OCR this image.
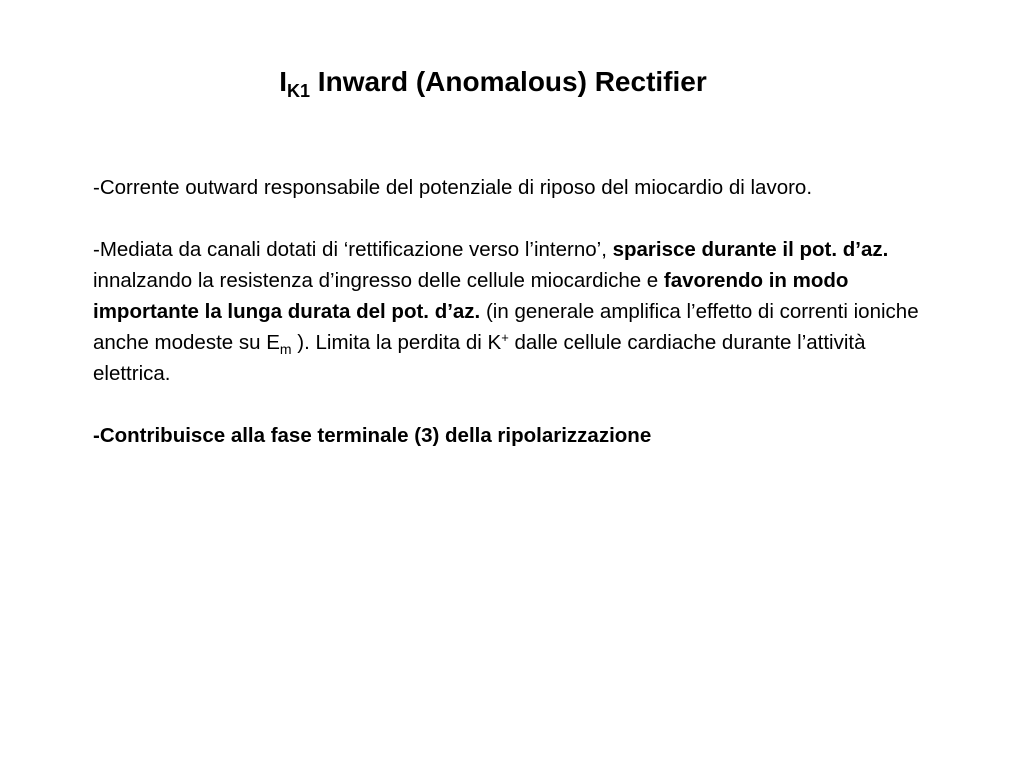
$I_{K1}$ Inward (Anomalous) Rectifier

-Corrente outward responsabile del potenziale di riposo del miocardio di lavoro.

-Mediata da canali dotati di ‘rettificazione verso l’interno’, sparisce durante il pot. d’az. innalzando la resistenza d’ingresso delle cellule miocardiche e favorendo in modo importante la lunga durata del pot. d’az. (in generale amplifica l’effetto di correnti ioniche anche modeste su $E_m$ ). Limita la perdita di K+ dalle cellule cardiache durante l’attività elettrica.

-Contribuisce alla fase terminale (3) della ripolarizzazione
